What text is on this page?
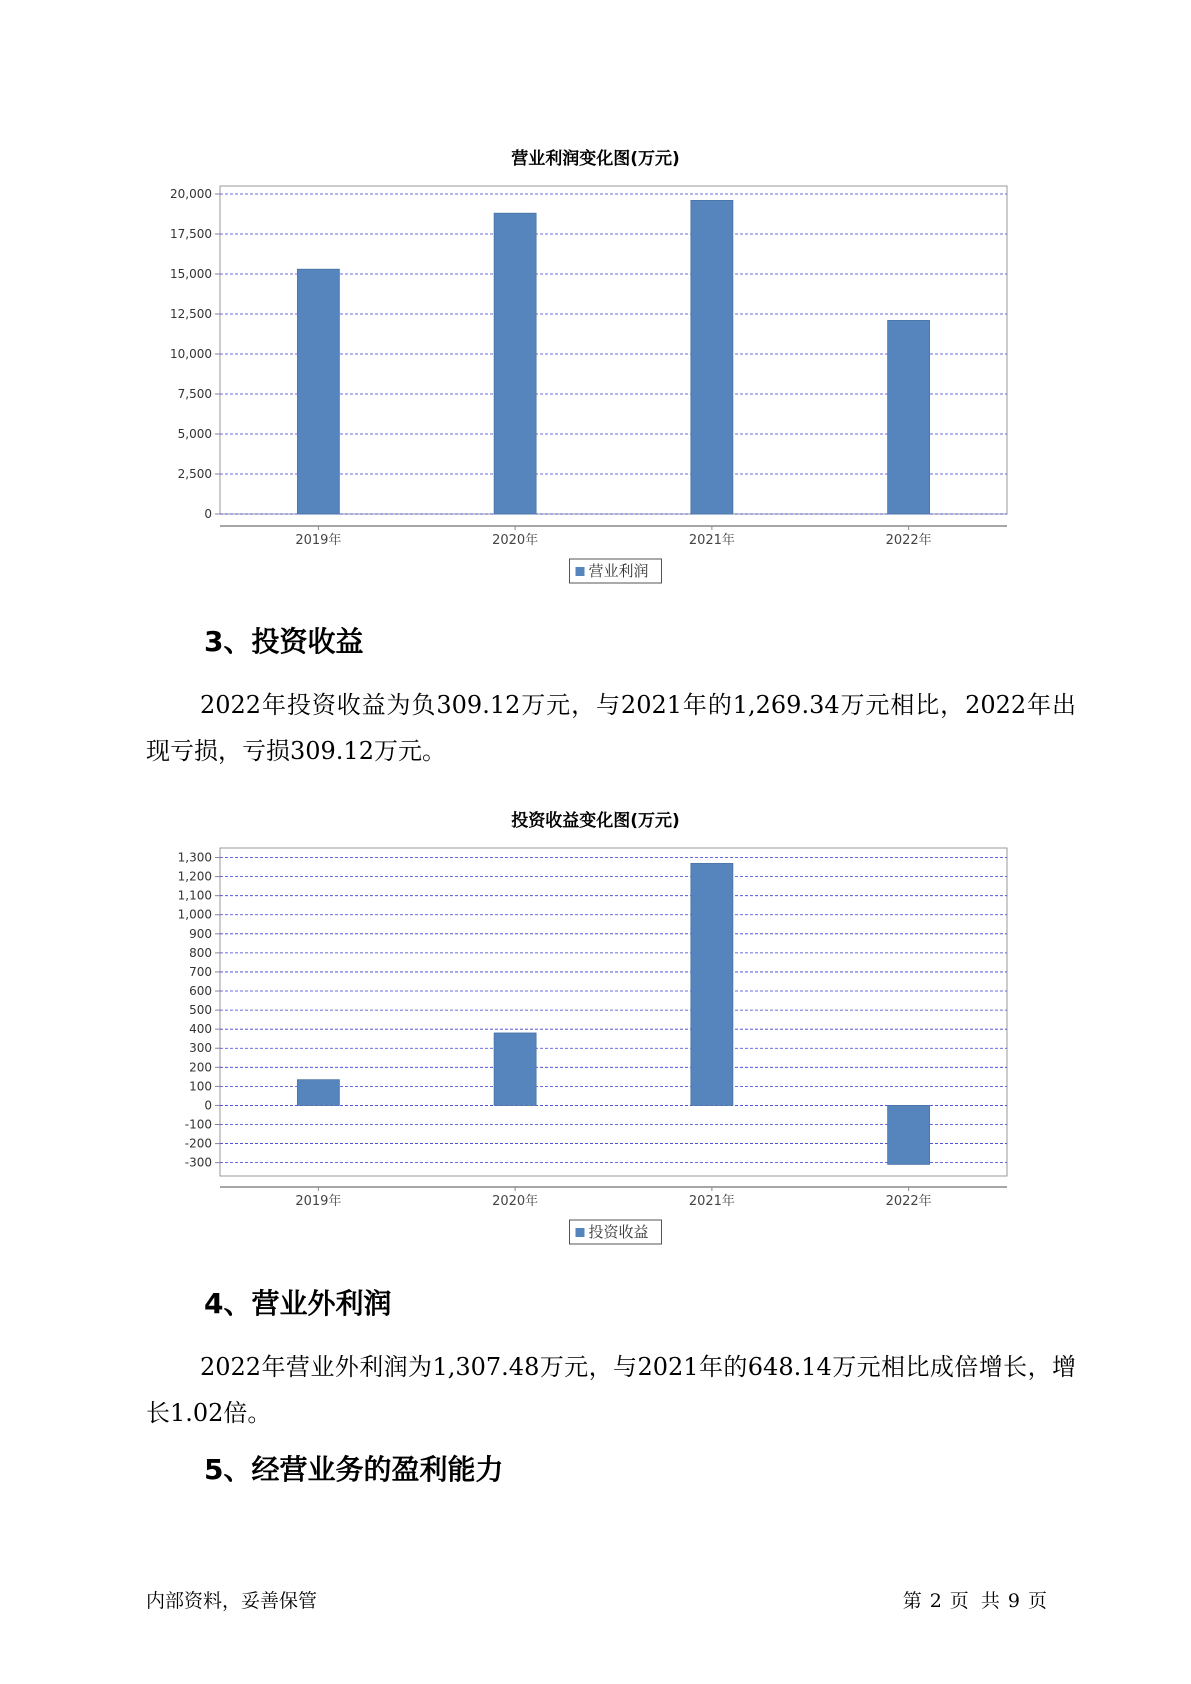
营业利润变化图(万元)
0
2,500
5,000
7,500
10,000
12,500
15,000
17,500
20,000
2019年	2020年	2021年	2022年
营业利润
3、投资收益
2022年投资收益为负309.12万元，与2021年的1,269.34万元相比，2022年出现亏损，亏损309.12万元。
投资收益变化图(万元)
-300
-200
-100
0
100
200
300
400
500
600
700
800
900
1,000
1,100
1,200
1,300
2019年	2020年	2021年	2022年
投资收益
4、营业外利润
2022年营业外利润为1,307.48万元，与2021年的648.14万元相比成倍增长，增长1.02倍。
5、经营业务的盈利能力
内部资料，妥善保管	第 2 页  共 9 页
